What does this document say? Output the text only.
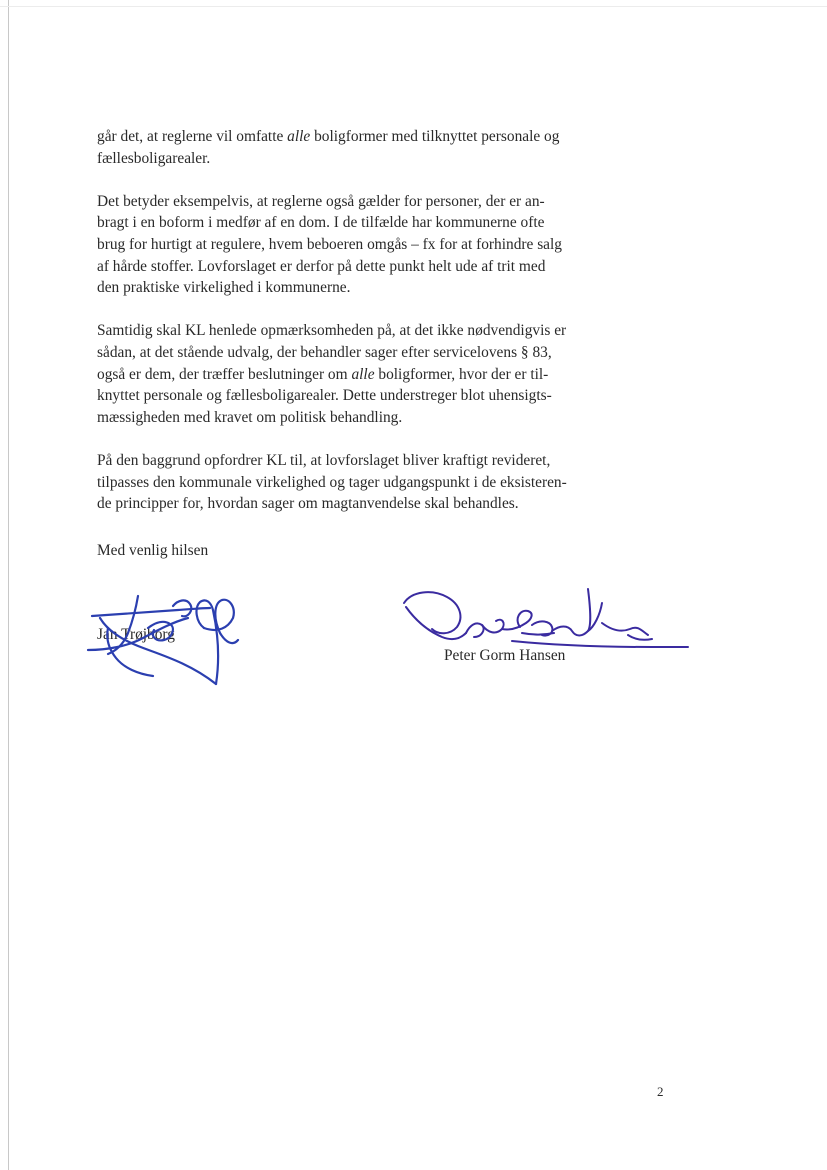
går det, at reglerne vil omfatte alle boligformer med tilknyttet personale og
fællesboligarealer.

Det betyder eksempelvis, at reglerne også gælder for personer, der er an-
bragt i en boform i medfør af en dom. I de tilfælde har kommunerne ofte
brug for hurtigt at regulere, hvem beboeren omgås – fx for at forhindre salg
af hårde stoffer. Lovforslaget er derfor på dette punkt helt ude af trit med
den praktiske virkelighed i kommunerne.

Samtidig skal KL henlede opmærksomheden på, at det ikke nødvendigvis er
sådan, at det stående udvalg, der behandler sager efter servicelovens § 83,
også er dem, der træffer beslutninger om alle boligformer, hvor der er til-
knyttet personale og fællesboligarealer. Dette understreger blot uhensigts-
mæssigheden med kravet om politisk behandling.

På den baggrund opfordrer KL til, at lovforslaget bliver kraftigt revideret,
tilpasses den kommunale virkelighed og tager udgangspunkt i de eksisteren-
de principper for, hvordan sager om magtanvendelse skal behandles.

Med venlig hilsen
Jan Trøjborg
Peter Gorm Hansen
2
